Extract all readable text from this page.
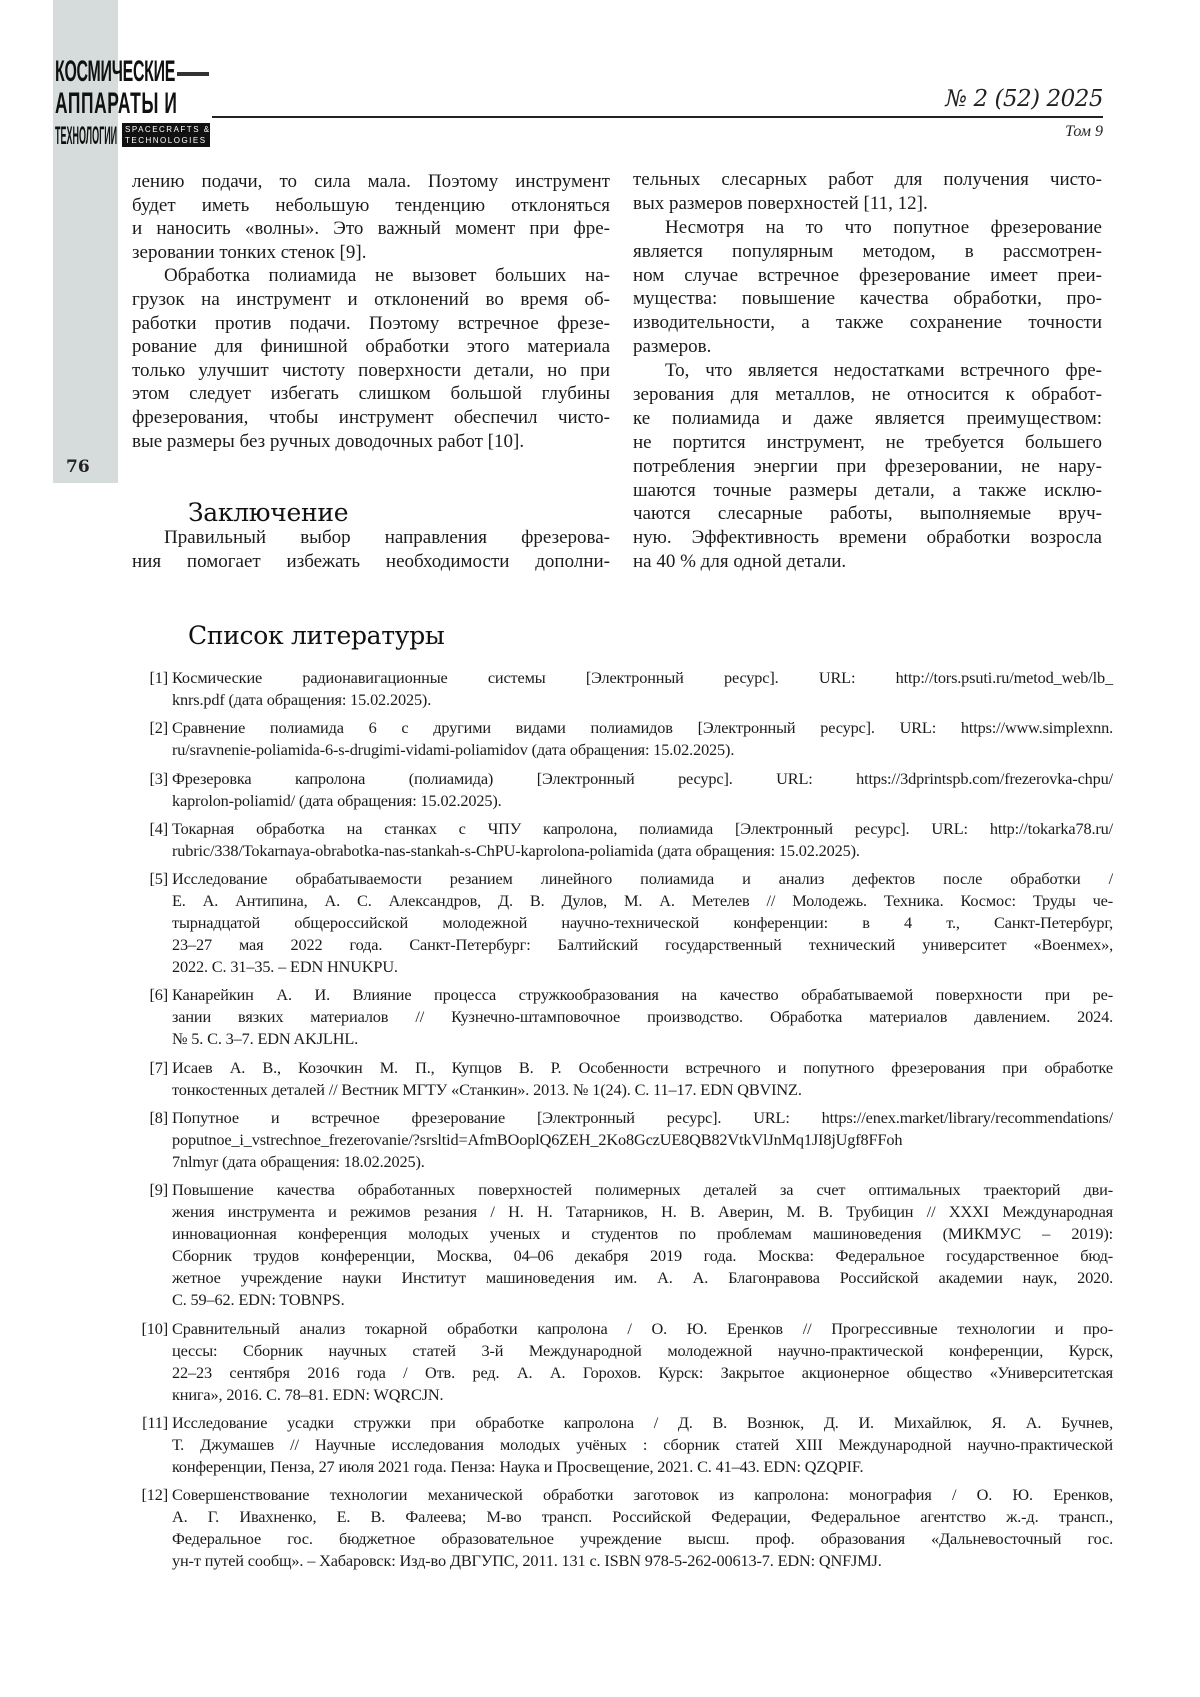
76
КОСМИЧЕСКИЕ
АППАРАТЫ И
ТЕХНОЛОГИИ SPACECRAFTS &
TECHNOLOGIES
№ 2 (52) 2025
Том 9
лению подачи, то сила мала. Поэтому инструмент
будет иметь небольшую тенденцию отклоняться
и наносить «волны». Это важный момент при фре-
зеровании тонких стенок [9].
Обработка полиамида не вызовет больших на-
грузок на инструмент и отклонений во время об-
работки против подачи. Поэтому встречное фрезе-
рование для финишной обработки этого материала
только улучшит чистоту поверхности детали, но при
этом следует избегать слишком большой глубины
фрезерования, чтобы инструмент обеспечил чисто-
вые размеры без ручных доводочных работ [10].
Заключение
Правильный выбор направления фрезерова-
ния помогает избежать необходимости дополни-
тельных слесарных работ для получения чисто-
вых размеров поверхностей [11, 12].
Несмотря на то что попутное фрезерование
является популярным методом, в рассмотрен-
ном случае встречное фрезерование имеет преи-
мущества: повышение качества обработки, про-
изводительности, а также сохранение точности
размеров.
То, что является недостатками встречного фре-
зерования для металлов, не относится к обработ-
ке полиамида и даже является преимуществом:
не портится инструмент, не требуется большего
потребления энергии при фрезеровании, не нару-
шаются точные размеры детали, а также исклю-
чаются слесарные работы, выполняемые вруч-
ную. Эффективность времени обработки возросла
на 40 % для одной детали.
Список литературы
[1] Космические радионавигационные системы [Электронный ресурс]. URL: http://tors.psuti.ru/metod_web/lb_
knrs.pdf (дата обращения: 15.02.2025).
[2] Сравнение полиамида 6 с другими видами полиамидов [Электронный ресурс]. URL: https://www.simplexnn.
ru/sravnenie-poliamida-6-s-drugimi-vidami-poliamidov (дата обращения: 15.02.2025).
[3] Фрезеровка капролона (полиамида) [Электронный ресурс]. URL: https://3dprintspb.com/frezerovka-chpu/
kaprolon-poliamid/ (дата обращения: 15.02.2025).
[4] Токарная обработка на станках с ЧПУ капролона, полиамида [Электронный ресурс]. URL: http://tokarka78.ru/
rubric/338/Tokarnaya-obrabotka-nas-stankah-s-ChPU-kaprolona-poliamida (дата обращения: 15.02.2025).
[5] Исследование обрабатываемости резанием линейного полиамида и анализ дефектов после обработки /
Е. А. Антипина, А. С. Александров, Д. В. Дулов, М. А. Метелев // Молодежь. Техника. Космос: Труды че-
тырнадцатой общероссийской молодежной научно-технической конференции: в 4 т., Санкт-Петербург,
23–27 мая 2022 года. Санкт-Петербург: Балтийский государственный технический университет «Военмех»,
2022. С. 31–35. – EDN HNUKPU.
[6] Канарейкин А. И. Влияние процесса стружкообразования на качество обрабатываемой поверхности при ре-
зании вязких материалов // Кузнечно-штамповочное производство. Обработка материалов давлением. 2024.
№ 5. С. 3–7. EDN AKJLHL.
[7] Исаев А. В., Козочкин М. П., Купцов В. Р. Особенности встречного и попутного фрезерования при обработке
тонкостенных деталей // Вестник МГТУ «Станкин». 2013. № 1(24). С. 11–17. EDN QBVINZ.
[8] Попутное и встречное фрезерование [Электронный ресурс]. URL: https://enex.market/library/recommendations/
poputnoe_i_vstrechnoe_frezerovanie/?srsltid=AfmBOoplQ6ZEH_2Ko8GczUE8QB82VtkVlJnMq1JI8jUgf8FFoh
7nlmyr (дата обращения: 18.02.2025).
[9] Повышение качества обработанных поверхностей полимерных деталей за счет оптимальных траекторий дви-
жения инструмента и режимов резания / Н. Н. Татарников, Н. В. Аверин, М. В. Трубицин // XXXI Международная
инновационная конференция молодых ученых и студентов по проблемам машиноведения (МИКМУС – 2019):
Сборник трудов конференции, Москва, 04–06 декабря 2019 года. Москва: Федеральное государственное бюд-
жетное учреждение науки Институт машиноведения им. А. А. Благонравова Российской академии наук, 2020.
С. 59–62. EDN: TOBNPS.
[10] Сравнительный анализ токарной обработки капролона / О. Ю. Еренков // Прогрессивные технологии и про-
цессы: Сборник научных статей 3-й Международной молодежной научно-практической конференции, Курск,
22–23 сентября 2016 года / Отв. ред. А. А. Горохов. Курск: Закрытое акционерное общество «Университетская
книга», 2016. С. 78–81. EDN: WQRCJN.
[11] Исследование усадки стружки при обработке капролона / Д. В. Вознюк, Д. И. Михайлюк, Я. А. Бучнев,
Т. Джумашев // Научные исследования молодых учёных : сборник статей XIII Международной научно-практической
конференции, Пенза, 27 июля 2021 года. Пенза: Наука и Просвещение, 2021. С. 41–43. EDN: QZQPIF.
[12] Совершенствование технологии механической обработки заготовок из капролона: монография / О. Ю. Еренков,
А. Г. Ивахненко, Е. В. Фалеева; М-во трансп. Российской Федерации, Федеральное агентство ж.-д. трансп.,
Федеральное гос. бюджетное образовательное учреждение высш. проф. образования «Дальневосточный гос.
ун-т путей сообщ». – Хабаровск: Изд-во ДВГУПС, 2011. 131 с. ISBN 978-5-262-00613-7. EDN: QNFJMJ.
